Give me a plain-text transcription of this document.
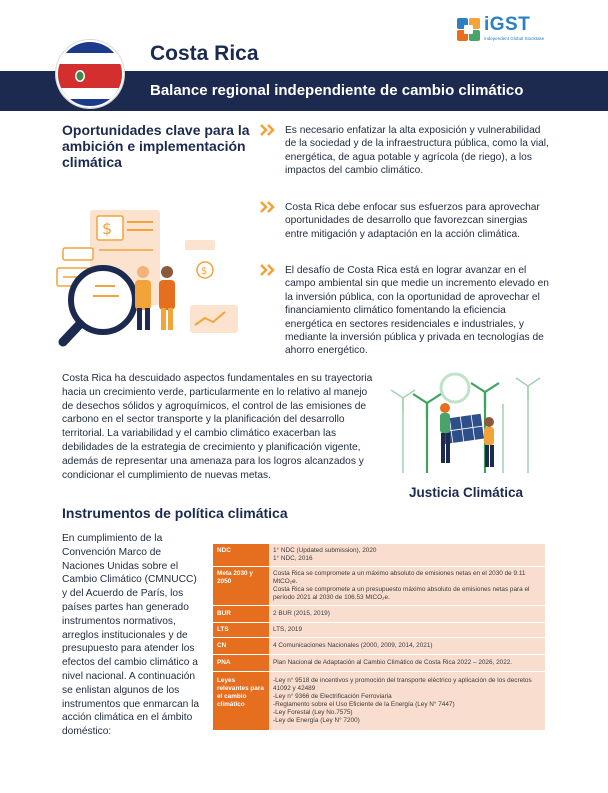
Costa Rica
Balance regional independiente de cambio climático
iGST
Independent Global Stocktake
Oportunidades clave para la ambición e implementación climática
Es necesario enfatizar la alta exposición y vulnerabilidad de la sociedad y de la infraestructura pública, como la vial, energética, de agua potable y agrícola (de riego), a los impactos del cambio climático.
Costa Rica debe enfocar sus esfuerzos para aprovechar oportunidades de desarrollo que favorezcan sinergias entre mitigación y adaptación en la acción climática.
El desafío de Costa Rica está en lograr avanzar en el campo ambiental sin que medie un incremento elevado en la inversión pública, con la oportunidad de aprovechar el financiamiento climático fomentando la eficiencia energética en sectores residenciales e industriales, y mediante la inversión pública y privada en tecnologías de ahorro energético.
$
$
Costa Rica ha descuidado aspectos fundamentales en su trayectoria hacia un crecimiento verde, particularmente en lo relativo al manejo de desechos sólidos y agroquímicos, el control de las emisiones de carbono en el sector transporte y la planificación del desarrollo territorial. La variabilidad y el cambio climático exacerban las debilidades de la estrategia de crecimiento y planificación vigente, además de representar una amenaza para los logros alcanzados y condicionar el cumplimiento de nuevas metas.
Justicia Climática
Instrumentos de política climática
En cumplimiento de la Convención Marco de Naciones Unidas sobre el Cambio Climático (CMNUCC) y del Acuerdo de París, los países partes han generado instrumentos normativos, arreglos institucionales y de presupuesto para atender los efectos del cambio climático a nivel nacional. A continuación se enlistan algunos de los instrumentos que enmarcan la acción climática en el ámbito doméstico:
NDC	1° NDC (Updated submission), 2020
1° NDC, 2016

Meta 2030 y 2050	Costa Rica se compromete a un máximo absoluto de emisiones netas en el 2030 de 9.11 MtCO₂e.
Costa Rica se compromete a un presupuesto máximo absoluto de emisiones netas para el período 2021 al 2030 de 106.53 MtCO₂e.

BUR	2 BUR (2015, 2019)

LTS	LTS, 2019

CN	4 Comunicaciones Nacionales (2000, 2009, 2014, 2021)

PNA	Plan Nacional de Adaptación al Cambio Climático de Costa Rica 2022 – 2026, 2022.

Leyes relevantes para el cambio climático	-Ley n° 9518 de incentivos y promoción del transporte eléctrico y aplicación de los decretos 41092 y 42489
-Ley n° 9366 de Electrificación Ferroviaria
-Reglamento sobre el Uso Eficiente de la Energía (Ley N° 7447)
-Ley Forestal (Ley No.7575)
-Ley de Energía (Ley N° 7200)
